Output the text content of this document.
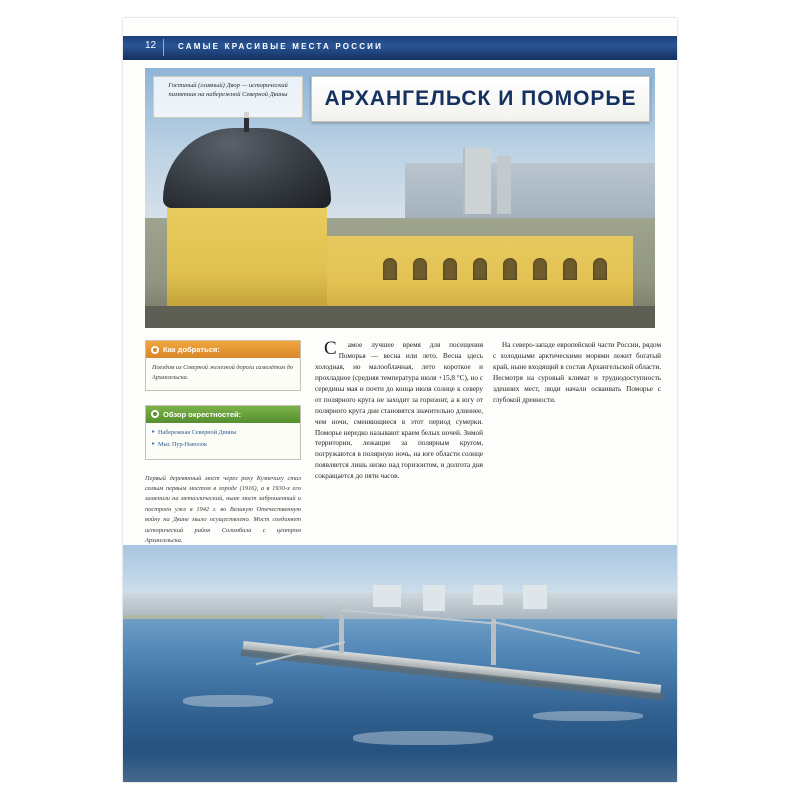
12	САМЫЕ КРАСИВЫЕ МЕСТА РОССИИ
Гостиный (главный) Двор — исторический памятник на набережной Северной Двины	АРХАНГЕЛЬСК И ПОМОРЬЕ
Как добраться:
Поездом из Северной железной дороги самолётом до Архангельска.
Обзор окрестностей:
▸ Набережная Северной Двины
▸ Мыс Пур-Наволок
Первый деревянный мост через реку Кузнечиху стал самым первым мостом в городе (1916), а в 1930-х его заменили на металлический, ныне мост заброшенный и построен уже в 1942 г. во Великую Отечественную войну на Двине мыло осуществлено. Мост соединяет исторический район Соломбала с центром Архангельска.

С амое лучшее время для посещения Поморья — весна или лето. Весна здесь холодная, но малооблачная, лето короткое и прохладное (средняя температура июля +15,8 °C), но с середины мая и почти до конца июля солнце к северу от полярного круга не заходит за горизонт, а к югу от полярного круга дни становятся значительно длиннее, чем ночи, сменяющиеся в этот период сумерки. Поморье нередко называют краем белых ночей. Зимой территории, лежащие за полярным кругом, погружаются в полярную ночь, на юге области солнце появляется лишь низко над горизонтом, и долгота дня сокращается до пяти часов.

На северо-западе европейской части России, рядом с холодными арктическими морями лежит богатый край, ныне входящий в состав Архангельской области. Несмотря на суровый климат и труднодоступность здешних мест, люди начали осваивать Поморье с глубокой древности.
